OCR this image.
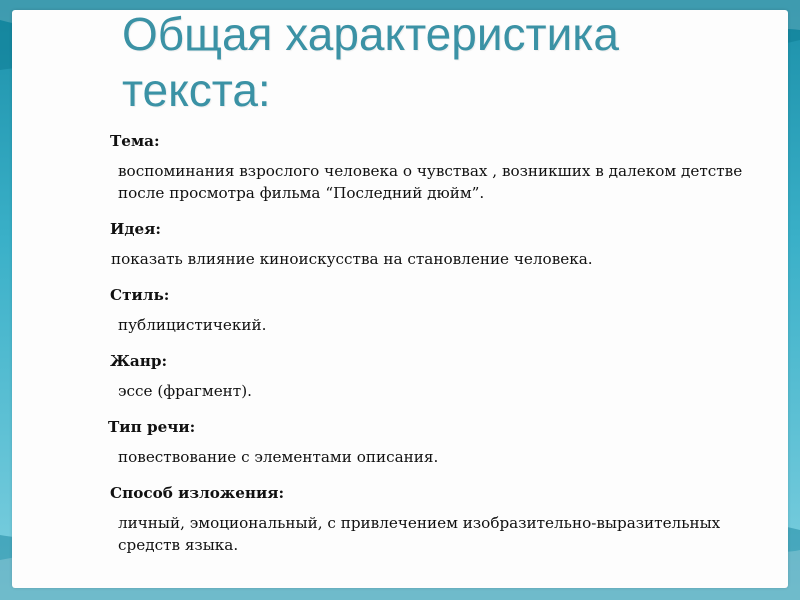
Общая характеристика текста:
Тема:
воспоминания взрослого человека о чувствах , возникших в далеком детстве после просмотра фильма “Последний дюйм”.
Идея:
показать влияние киноискусства на становление человека.
Стиль:
публицистичекий.
Жанр:
эссе (фрагмент).
Тип речи:
повествование с элементами описания.
Способ изложения:
личный, эмоциональный, с привлечением изобразительно-выразительных средств языка.
